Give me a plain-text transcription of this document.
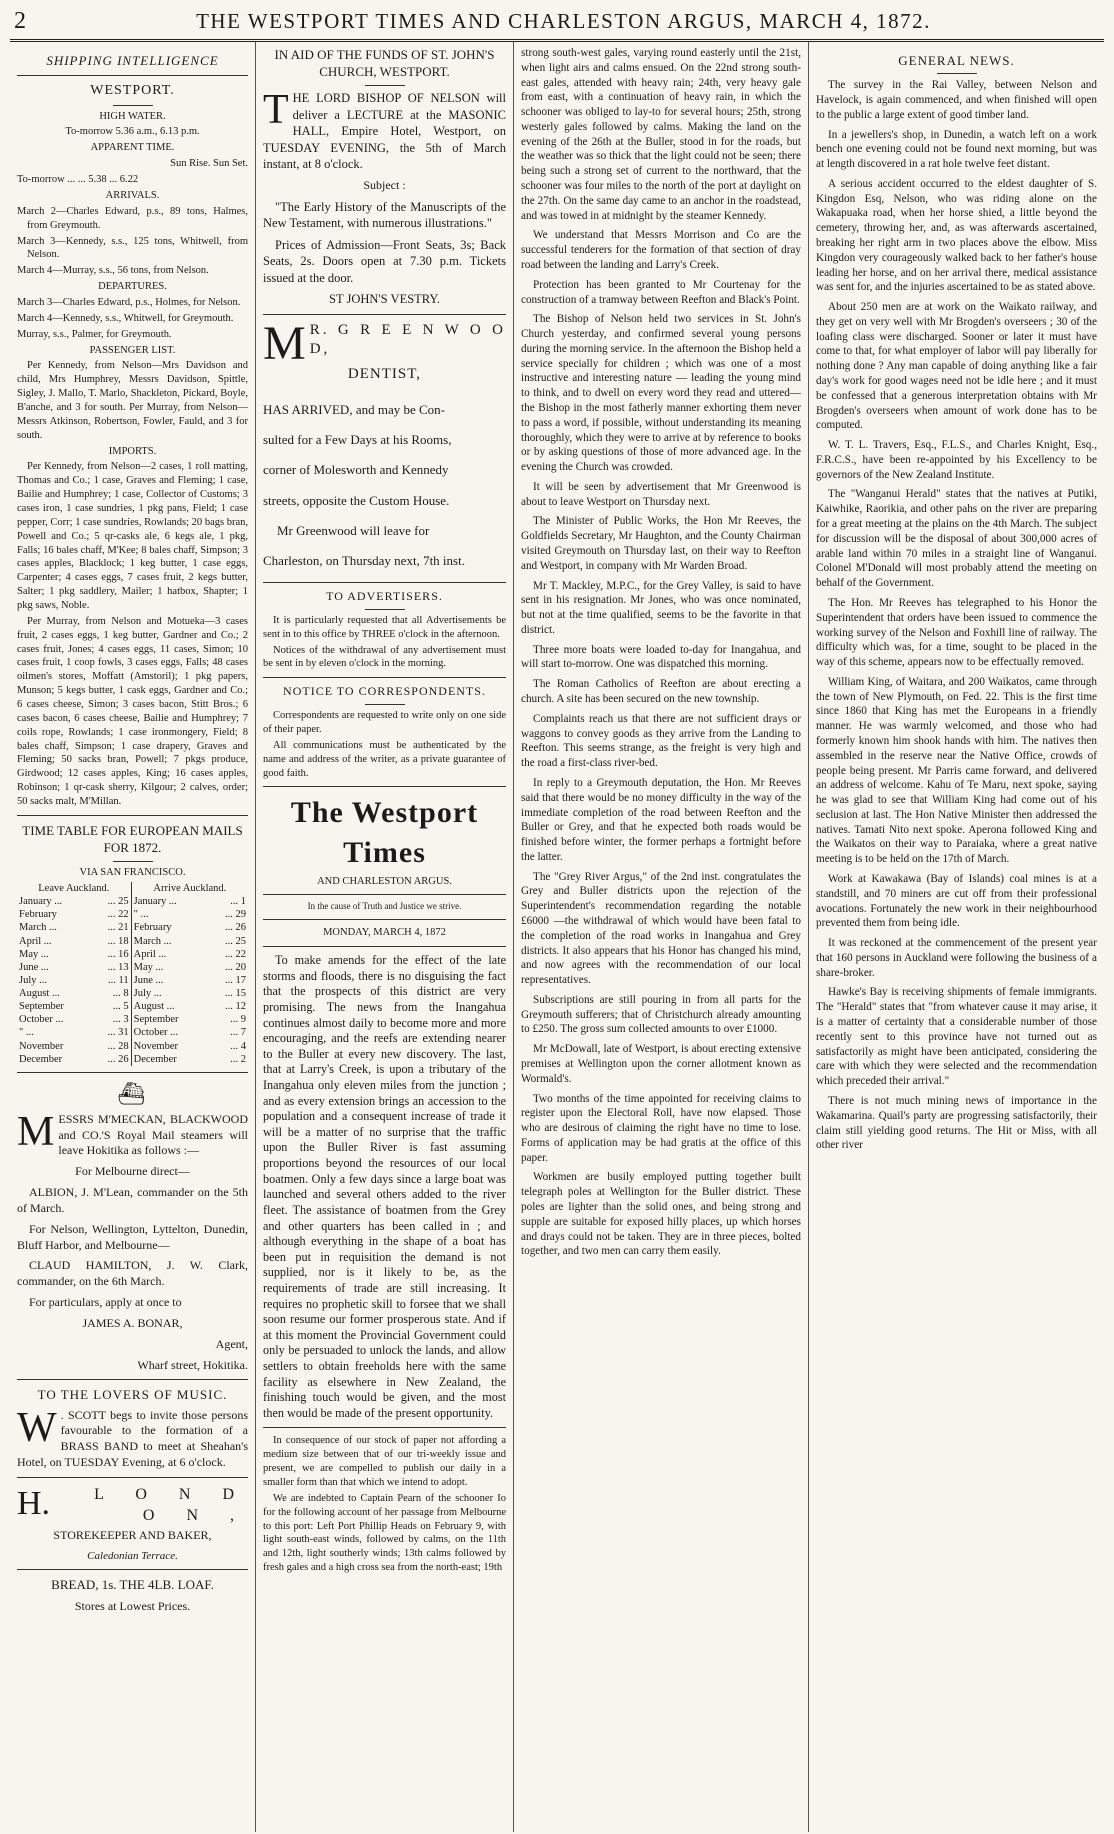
2	THE WESTPORT TIMES AND CHARLESTON ARGUS, MARCH 4, 1872.
SHIPPING INTELLIGENCE
WESTPORT.

HIGH WATER.

To-morrow 5.36 a.m., 6.13 p.m.

APPARENT TIME.

Sun Rise. Sun Set.

To-morrow ... ... 5.38 ... 6.22

ARRIVALS.

March 2—Charles Edward, p.s., 89 tons, Halmes, from Greymouth.

March 3—Kennedy, s.s., 125 tons, Whitwell, from Nelson.

March 4—Murray, s.s., 56 tons, from Nelson.

DEPARTURES.

March 3—Charles Edward, p.s., Holmes, for Nelson.

March 4—Kennedy, s.s., Whitwell, for Greymouth.

Murray, s.s., Palmer, for Greymouth.

PASSENGER LIST.

Per Kennedy, from Nelson—Mrs Davidson and child, Mrs Humphrey, Messrs Davidson, Spittle, Sigley, J. Mallo, T. Marlo, Shackleton, Pickard, Boyle, B'anche, and 3 for south. Per Murray, from Nelson—Messrs Atkinson, Robertson, Fowler, Fauld, and 3 for south.

IMPORTS.

Per Kennedy, from Nelson—2 cases, 1 roll matting, Thomas and Co.; 1 case, Graves and Fleming; 1 case, Bailie and Humphrey; 1 case, Collector of Customs; 3 cases iron, 1 case sundries, 1 pkg pans, Field; 1 case pepper, Corr; 1 case sundries, Rowlands; 20 bags bran, Powell and Co.; 5 qr-casks ale, 6 kegs ale, 1 pkg, Falls; 16 bales chaff, M'Kee; 8 bales chaff, Simpson; 3 cases apples, Blacklock; 1 keg butter, 1 case eggs, Carpenter; 4 cases eggs, 7 cases fruit, 2 kegs butter, Salter; 1 pkg saddlery, Mailer; 1 hatbox, Shapter; 1 pkg saws, Noble.

Per Murray, from Nelson and Motueka—3 cases fruit, 2 cases eggs, 1 keg butter, Gardner and Co.; 2 cases fruit, Jones; 4 cases eggs, 11 cases, Simon; 10 cases fruit, 1 coop fowls, 3 cases eggs, Falls; 48 cases oilmen's stores, Moffatt (Amstoril); 1 pkg papers, Munson; 5 kegs butter, 1 cask eggs, Gardner and Co.; 6 cases cheese, Simon; 3 cases bacon, Stitt Bros.; 6 cases bacon, 6 cases cheese, Bailie and Humphrey; 7 coils rope, Rowlands; 1 case ironmongery, Field; 8 bales chaff, Simpson; 1 case drapery, Graves and Fleming; 50 sacks bran, Powell; 7 pkgs produce, Girdwood; 12 cases apples, King; 16 cases apples, Robinson; 1 qr-cask sherry, Kilgour; 2 calves, order; 50 sacks malt, M'Millan.

TIME TABLE FOR EUROPEAN MAILS FOR 1872.

VIA SAN FRANCISCO.

Leave Auckland.		Arrive Auckland.	
January ...	... 25	January ...	... 1
February	... 22	" ...	... 29
March ...	... 21	February	... 26
April ...	... 18	March ...	... 25
May ...	... 16	April ...	... 22
June ...	... 13	May ...	... 20
July ...	... 11	June ...	... 17
August ...	... 8	July ...	... 15
September	... 5	August ...	... 12
October ...	... 3	September	... 9
" ...	... 31	October ...	... 7
November	... 28	November	... 4
December	... 26	December	... 2
⛴
M ESSRS M'MECKAN, BLACKWOOD and CO.'S Royal Mail steamers will leave Hokitika as follows :—

For Melbourne direct—

ALBION, J. M'Lean, commander on the 5th of March.

For Nelson, Wellington, Lyttelton, Dunedin, Bluff Harbor, and Melbourne—

CLAUD HAMILTON, J. W. Clark, commander, on the 6th March.

For particulars, apply at once to

JAMES A. BONAR,

Agent,

Wharf street, Hokitika.

TO THE LOVERS OF MUSIC.
W . SCOTT begs to invite those persons favourable to the formation of a BRASS BAND to meet at Sheahan's Hotel, on TUESDAY Evening, at 6 o'clock.

H.	L O N D O N ,

STOREKEEPER AND BAKER,

Caledonian Terrace.

BREAD, 1s. THE 4LB. LOAF.

Stores at Lowest Prices.

IN AID OF THE FUNDS OF ST. JOHN'S CHURCH, WESTPORT.

T HE LORD BISHOP OF NELSON will deliver a LECTURE at the MASONIC HALL, Empire Hotel, Westport, on TUESDAY EVENING, the 5th of March instant, at 8 o'clock.

Subject :

"The Early History of the Manuscripts of the New Testament, with numerous illustrations."

Prices of Admission—Front Seats, 3s; Back Seats, 2s. Doors open at 7.30 p.m. Tickets issued at the door.

ST JOHN'S VESTRY.

M R. G R E E N W O O D,

DENTIST,

HAS ARRIVED, and may be Con-

sulted for a Few Days at his Rooms,

corner of Molesworth and Kennedy

streets, opposite the Custom House.

Mr Greenwood will leave for

Charleston, on Thursday next, 7th inst.

TO ADVERTISERS.

It is particularly requested that all Advertisements be sent in to this office by THREE o'clock in the afternoon.

Notices of the withdrawal of any advertisement must be sent in by eleven o'clock in the morning.

NOTICE TO CORRESPONDENTS.

Correspondents are requested to write only on one side of their paper.

All communications must be authenticated by the name and address of the writer, as a private guarantee of good faith.

The Westport Times

AND CHARLESTON ARGUS.

In the cause of Truth and Justice we strive.

MONDAY, MARCH 4, 1872

To make amends for the effect of the late storms and floods, there is no disguising the fact that the prospects of this district are very promising. The news from the Inangahua continues almost daily to become more and more encouraging, and the reefs are extending nearer to the Buller at every new discovery. The last, that at Larry's Creek, is upon a tributary of the Inangahua only eleven miles from the junction ; and as every extension brings an accession to the population and a consequent increase of trade it will be a matter of no surprise that the traffic upon the Buller River is fast assuming proportions beyond the resources of our local boatmen. Only a few days since a large boat was launched and several others added to the river fleet. The assistance of boatmen from the Grey and other quarters has been called in ; and although everything in the shape of a boat has been put in requisition the demand is not supplied, nor is it likely to be, as the requirements of trade are still increasing. It requires no prophetic skill to forsee that we shall soon resume our former prosperous state. And if at this moment the Provincial Government could only be persuaded to unlock the lands, and allow settlers to obtain freeholds here with the same facility as elsewhere in New Zealand, the finishing touch would be given, and the most then would be made of the present opportunity.

In consequence of our stock of paper not affording a medium size between that of our tri-weekly issue and present, we are compelled to publish our daily in a smaller form than that which we intend to adopt.

We are indebted to Captain Pearn of the schooner Io for the following account of her passage from Melbourne to this port: Left Port Phillip Heads on February 9, with light south-east winds, followed by calms, on the 11th and 12th, light southerly winds; 13th calms followed by fresh gales and a high cross sea from the north-east; 19th

strong south-west gales, varying round easterly until the 21st, when light airs and calms ensued. On the 22nd strong south-east gales, attended with heavy rain; 24th, very heavy gale from east, with a continuation of heavy rain, in which the schooner was obliged to lay-to for several hours; 25th, strong westerly gales followed by calms. Making the land on the evening of the 26th at the Buller, stood in for the roads, but the weather was so thick that the light could not be seen; there being such a strong set of current to the northward, that the schooner was four miles to the north of the port at daylight on the 27th. On the same day came to an anchor in the roadstead, and was towed in at midnight by the steamer Kennedy.

We understand that Messrs Morrison and Co are the successful tenderers for the formation of that section of dray road between the landing and Larry's Creek.

Protection has been granted to Mr Courtenay for the construction of a tramway between Reefton and Black's Point.

The Bishop of Nelson held two services in St. John's Church yesterday, and confirmed several young persons during the morning service. In the afternoon the Bishop held a service specially for children ; which was one of a most instructive and interesting nature — leading the young mind to think, and to dwell on every word they read and uttered—the Bishop in the most fatherly manner exhorting them never to pass a word, if possible, without understanding its meaning thoroughly, which they were to arrive at by reference to books or by asking questions of those of more advanced age. In the evening the Church was crowded.

It will be seen by advertisement that Mr Greenwood is about to leave Westport on Thursday next.

The Minister of Public Works, the Hon Mr Reeves, the Goldfields Secretary, Mr Haughton, and the County Chairman visited Greymouth on Thursday last, on their way to Reefton and Westport, in company with Mr Warden Broad.

Mr T. Mackley, M.P.C., for the Grey Valley, is said to have sent in his resignation. Mr Jones, who was once nominated, but not at the time qualified, seems to be the favorite in that district.

Three more boats were loaded to-day for Inangahua, and will start to-morrow. One was dispatched this morning.

The Roman Catholics of Reefton are about erecting a church. A site has been secured on the new township.

Complaints reach us that there are not sufficient drays or waggons to convey goods as they arrive from the Landing to Reefton. This seems strange, as the freight is very high and the road a first-class river-bed.

In reply to a Greymouth deputation, the Hon. Mr Reeves said that there would be no money difficulty in the way of the immediate completion of the road between Reefton and the Buller or Grey, and that he expected both roads would be finished before winter, the former perhaps a fortnight before the latter.

The "Grey River Argus," of the 2nd inst. congratulates the Grey and Buller districts upon the rejection of the Superintendent's recommendation regarding the notable £6000 —the withdrawal of which would have been fatal to the completion of the road works in Inangahua and Grey districts. It also appears that his Honor has changed his mind, and now agrees with the recommendation of our local representatives.

Subscriptions are still pouring in from all parts for the Greymouth sufferers; that of Christchurch already amounting to £250. The gross sum collected amounts to over £1000.

Mr McDowall, late of Westport, is about erecting extensive premises at Wellington upon the corner allotment known as Wormald's.

Two months of the time appointed for receiving claims to register upon the Electoral Roll, have now elapsed. Those who are desirous of claiming the right have no time to lose. Forms of application may be had gratis at the office of this paper.

Workmen are busily employed putting together built telegraph poles at Wellington for the Buller district. These poles are lighter than the solid ones, and being strong and supple are suitable for exposed hilly places, up which horses and drays could not be taken. They are in three pieces, bolted together, and two men can carry them easily.

GENERAL NEWS.

The survey in the Rai Valley, between Nelson and Havelock, is again commenced, and when finished will open to the public a large extent of good timber land.

In a jewellers's shop, in Dunedin, a watch left on a work bench one evening could not be found next morning, but was at length discovered in a rat hole twelve feet distant.

A serious accident occurred to the eldest daughter of S. Kingdon Esq, Nelson, who was riding alone on the Wakapuaka road, when her horse shied, a little beyond the cemetery, throwing her, and, as was afterwards ascertained, breaking her right arm in two places above the elbow. Miss Kingdon very courageously walked back to her father's house leading her horse, and on her arrival there, medical assistance was sent for, and the injuries ascertained to be as stated above.

About 250 men are at work on the Waikato railway, and they get on very well with Mr Brogden's overseers ; 30 of the loafing class were discharged. Sooner or later it must have come to that, for what employer of labor will pay liberally for nothing done ? Any man capable of doing anything like a fair day's work for good wages need not be idle here ; and it must be confessed that a generous interpretation obtains with Mr Brogden's overseers when amount of work done has to be computed.

W. T. L. Travers, Esq., F.L.S., and Charles Knight, Esq., F.R.C.S., have been re-appointed by his Excellency to be governors of the New Zealand Institute.

The "Wanganui Herald" states that the natives at Putiki, Kaiwhike, Raorikia, and other pahs on the river are preparing for a great meeting at the plains on the 4th March. The subject for discussion will be the disposal of about 300,000 acres of arable land within 70 miles in a straight line of Wanganui. Colonel M'Donald will most probably attend the meeting on behalf of the Government.

The Hon. Mr Reeves has telegraphed to his Honor the Superintendent that orders have been issued to commence the working survey of the Nelson and Foxhill line of railway. The difficulty which was, for a time, sought to be placed in the way of this scheme, appears now to be effectually removed.

William King, of Waitara, and 200 Waikatos, came through the town of New Plymouth, on Fed. 22. This is the first time since 1860 that King has met the Europeans in a friendly manner. He was warmly welcomed, and those who had formerly known him shook hands with him. The natives then assembled in the reserve near the Native Office, crowds of people being present. Mr Parris came forward, and delivered an address of welcome. Kahu of Te Maru, next spoke, saying he was glad to see that William King had come out of his seclusion at last. The Hon Native Minister then addressed the natives. Tamati Nito next spoke. Aperona followed King and the Waikatos on their way to Paraiaka, where a great native meeting is to be held on the 17th of March.

Work at Kawakawa (Bay of Islands) coal mines is at a standstill, and 70 miners are cut off from their professional avocations. Fortunately the new work in their neighbourhood prevented them from being idle.

It was reckoned at the commencement of the present year that 160 persons in Auckland were following the business of a share-broker.

Hawke's Bay is receiving shipments of female immigrants. The "Herald" states that "from whatever cause it may arise, it is a matter of certainty that a considerable number of those recently sent to this province have not turned out as satisfactorily as might have been anticipated, considering the care with which they were selected and the recommendation which preceded their arrival."

There is not much mining news of importance in the Wakamarina. Quail's party are progressing satisfactorily, their claim still yielding good returns. The Hit or Miss, with all other river
